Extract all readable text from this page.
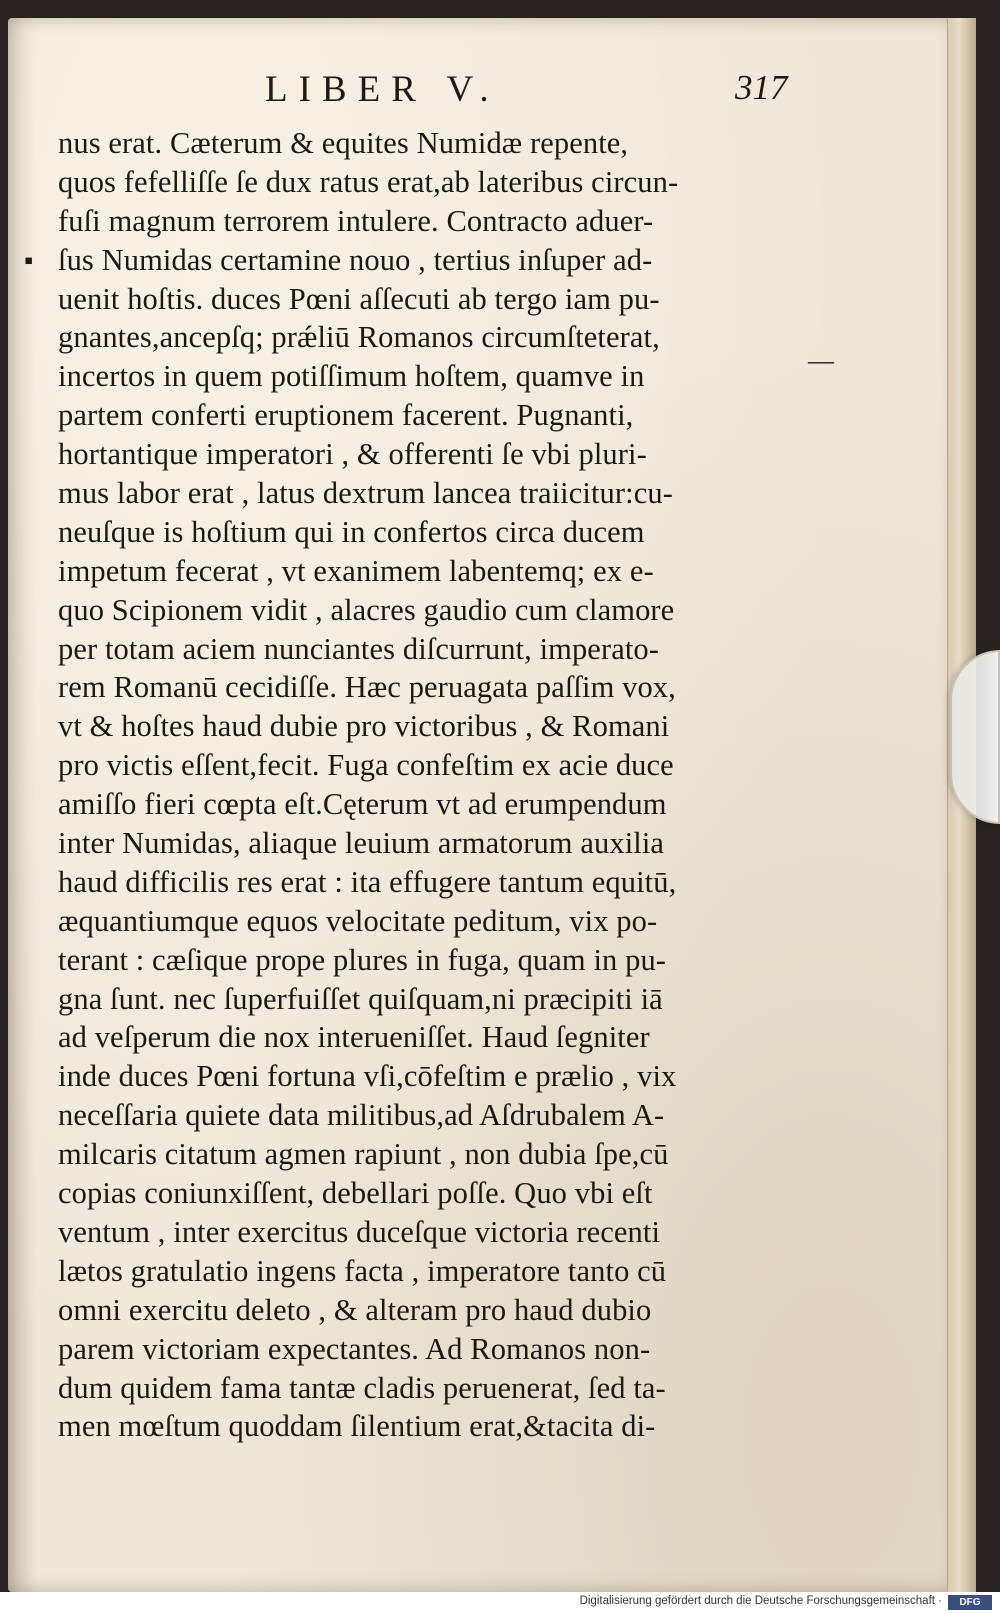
LIBER V.	317
▪
—
nus erat. Cæterum & equites Numidæ repente,
quos fefelliſſe ſe dux ratus erat,ab lateribus circun-
fuſi magnum terrorem intulere. Contracto aduer-
ſus Numidas certamine nouo , tertius inſuper ad-
uenit hoſtis. duces Pœni aſſecuti ab tergo iam pu-
gnantes,ancepſq; prǽliū Romanos circumſteterat,
incertos in quem potiſſimum hoſtem, quamve in
partem conferti eruptionem facerent. Pugnanti,
hortantique imperatori , & offerenti ſe vbi pluri-
mus labor erat , latus dextrum lancea traiicitur:cu-
neuſque is hoſtium qui in confertos circa ducem
impetum fecerat , vt exanimem labentemq; ex e-
quo Scipionem vidit , alacres gaudio cum clamore
per totam aciem nunciantes diſcurrunt, imperato-
rem Romanū cecidiſſe. Hæc peruagata paſſim vox,
vt & hoſtes haud dubie pro victoribus , & Romani
pro victis eſſent,fecit. Fuga confeſtim ex acie duce
amiſſo fieri cœpta eſt.Cęterum vt ad erumpendum
inter Numidas, aliaque leuium armatorum auxilia
haud difficilis res erat : ita effugere tantum equitū,
æquantiumque equos velocitate peditum, vix po-
terant : cæſique prope plures in fuga, quam in pu-
gna ſunt. nec ſuperfuiſſet quiſquam,ni præcipiti iā
ad veſperum die nox interueniſſet. Haud ſegniter
inde duces Pœni fortuna vſi,cōfeſtim e prælio , vix
neceſſaria quiete data militibus,ad Aſdrubalem A-
milcaris citatum agmen rapiunt , non dubia ſpe,cū
copias coniunxiſſent, debellari poſſe. Quo vbi eſt
ventum , inter exercitus duceſque victoria recenti
lætos gratulatio ingens facta , imperatore tanto cū
omni exercitu deleto , & alteram pro haud dubio
parem victoriam expectantes. Ad Romanos non-
dum quidem fama tantæ cladis peruenerat, ſed ta-
men mœſtum quoddam ſilentium erat,&tacita di-
Digitalisierung gefördert durch die Deutsche Forschungsgemeinschaft ·	DFG
